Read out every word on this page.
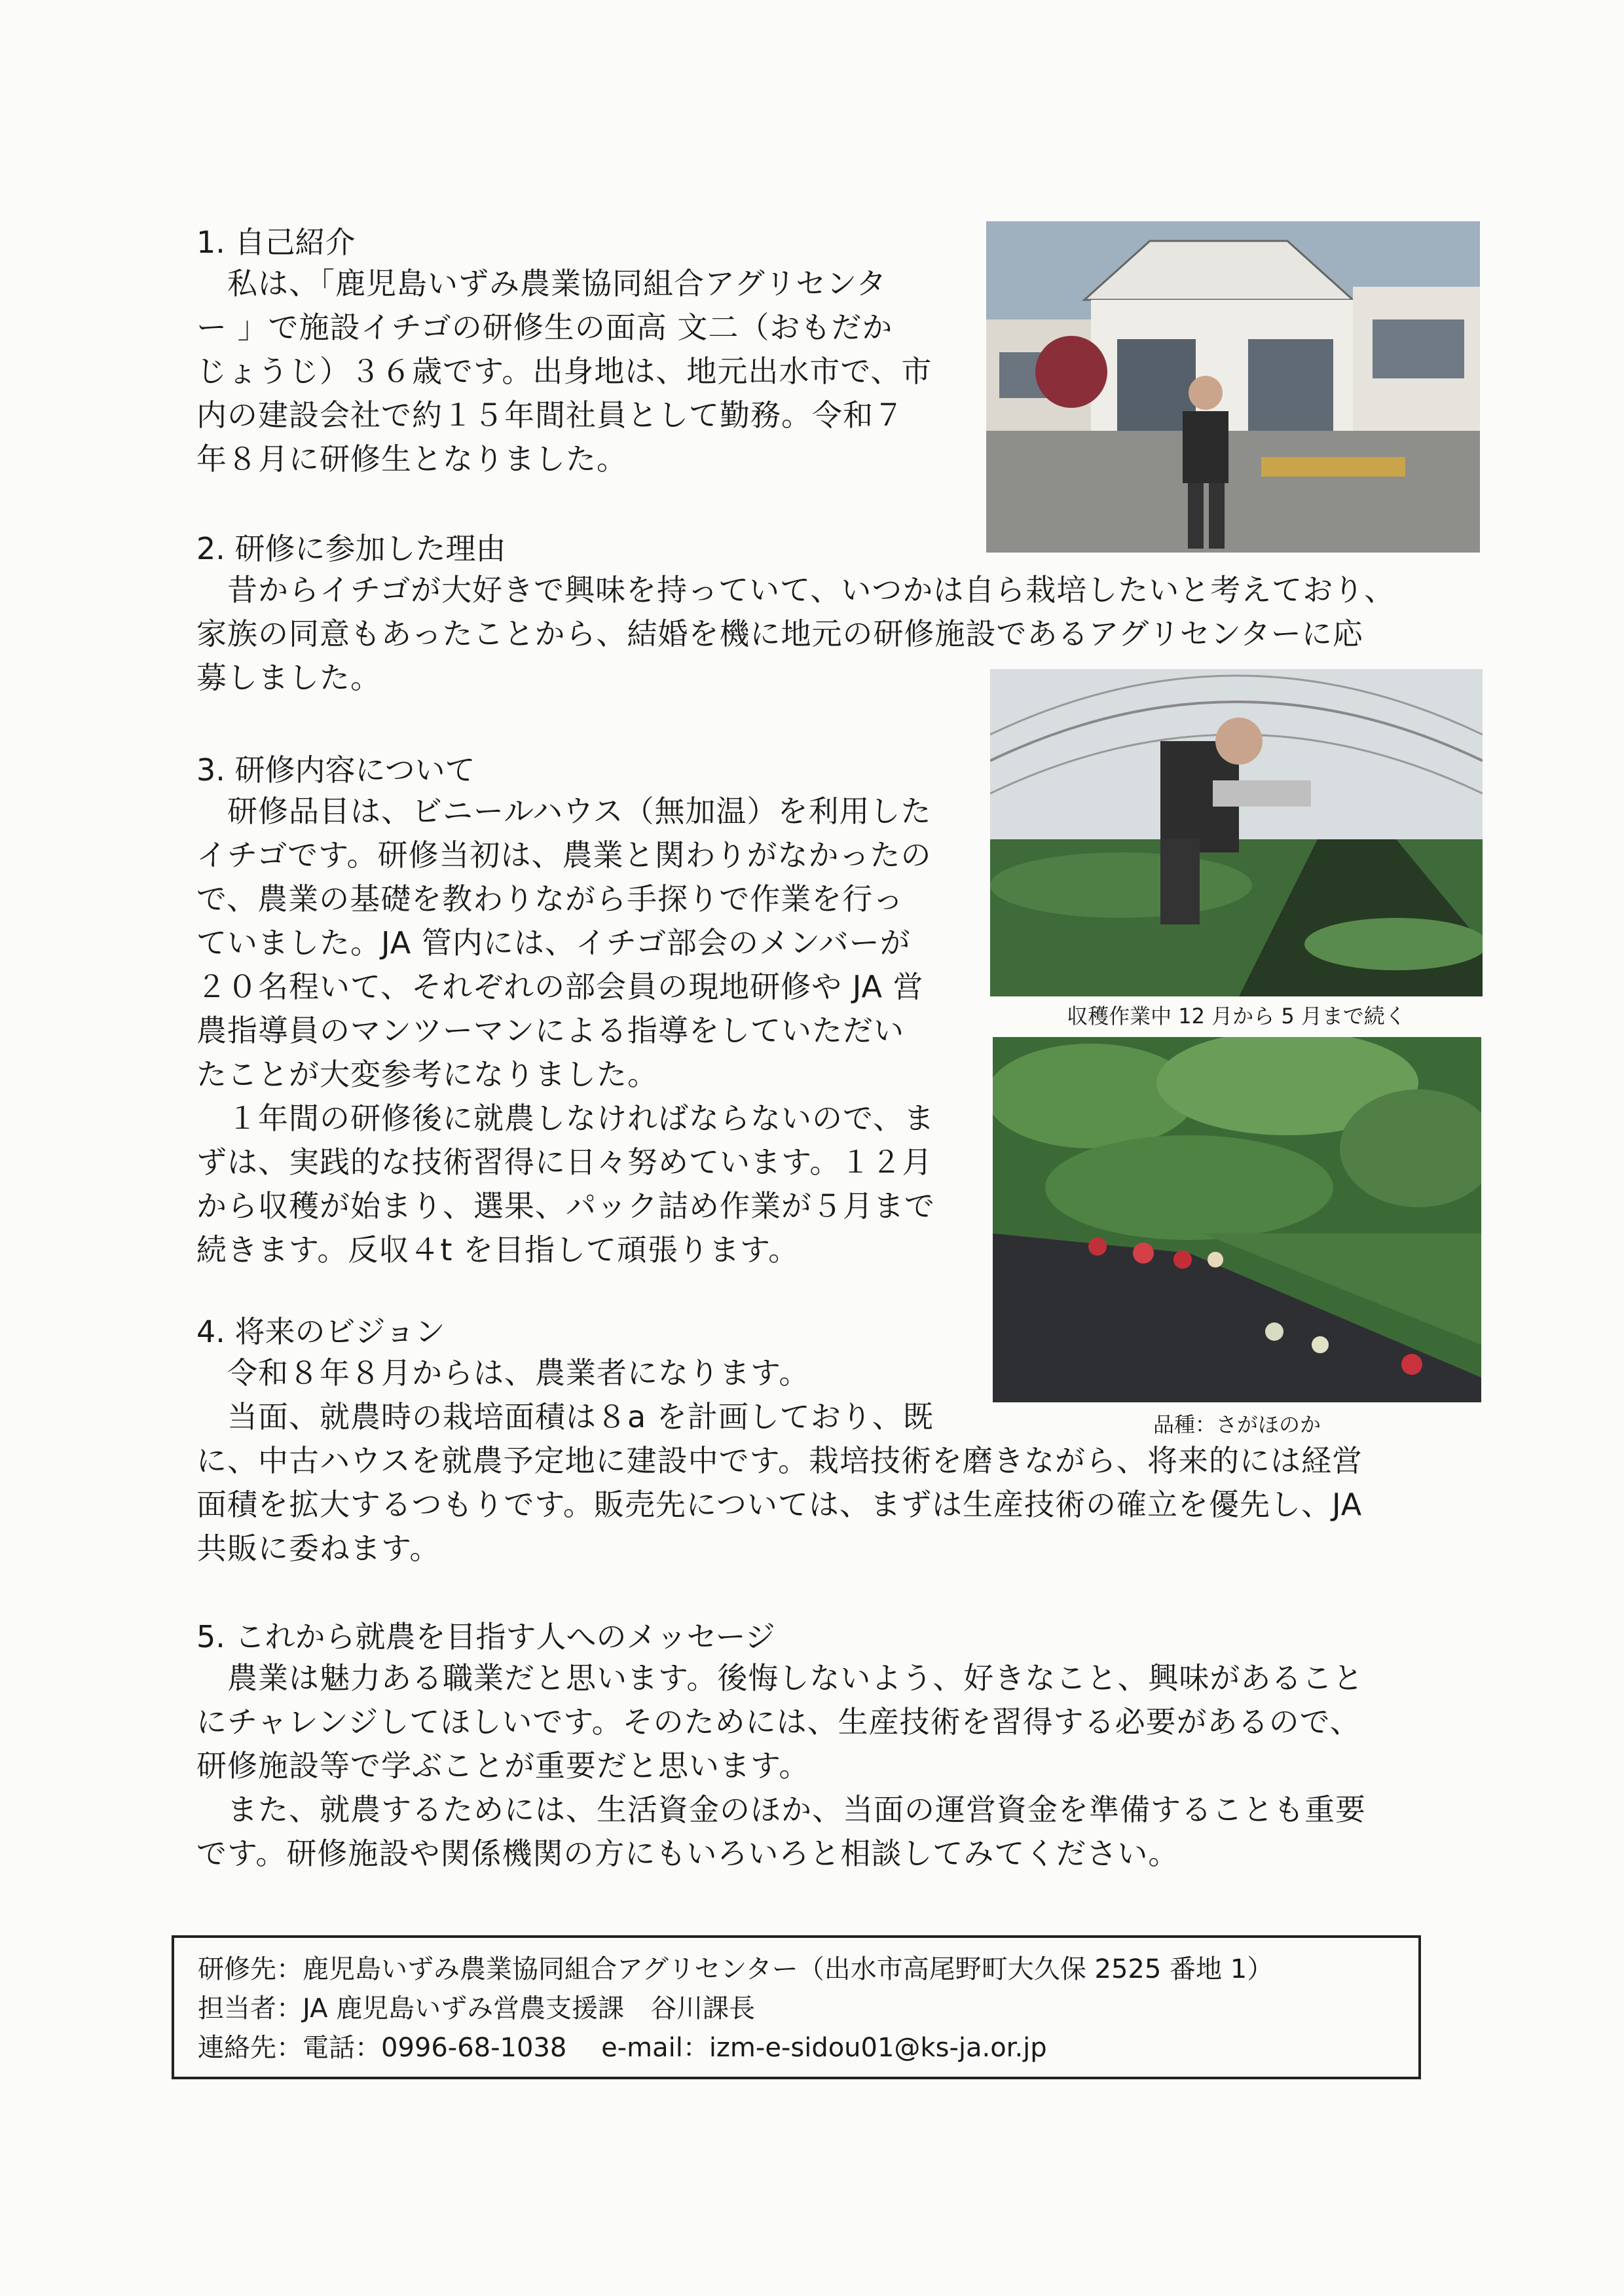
1. 自己紹介

　私は、「鹿児島いずみ農業協同組合アグリセンタ

ー 」で施設イチゴの研修生の面高 文二（おもだか

じょうじ）３６歳です。出身地は、地元出水市で、市

内の建設会社で約１５年間社員として勤務。令和７

年８月に研修生となりました。

2. 研修に参加した理由

　昔からイチゴが大好きで興味を持っていて、いつかは自ら栽培したいと考えており、

家族の同意もあったことから、結婚を機に地元の研修施設であるアグリセンターに応

募しました。

3. 研修内容について

　研修品目は、ビニールハウス（無加温）を利用した

イチゴです。研修当初は、農業と関わりがなかったの

で、農業の基礎を教わりながら手探りで作業を行っ

ていました。JA 管内には、イチゴ部会のメンバーが

２０名程いて、それぞれの部会員の現地研修や JA 営

農指導員のマンツーマンによる指導をしていただい

たことが大変参考になりました。

　１年間の研修後に就農しなければならないので、ま

ずは、実践的な技術習得に日々努めています。１２月

から収穫が始まり、選果、パック詰め作業が５月まで

続きます。反収４t を目指して頑張ります。

収穫作業中 12 月から 5 月まで続く
品種：さがほのか

4. 将来のビジョン

　令和８年８月からは、農業者になります。

　当面、就農時の栽培面積は８a を計画しており、既

に、中古ハウスを就農予定地に建設中です。栽培技術を磨きながら、将来的には経営

面積を拡大するつもりです。販売先については、まずは生産技術の確立を優先し、JA

共販に委ねます。

5. これから就農を目指す人へのメッセージ

　農業は魅力ある職業だと思います。後悔しないよう、好きなこと、興味があること

にチャレンジしてほしいです。そのためには、生産技術を習得する必要があるので、

研修施設等で学ぶことが重要だと思います。

　また、就農するためには、生活資金のほか、当面の運営資金を準備することも重要

です。研修施設や関係機関の方にもいろいろと相談してみてください。

研修先：鹿児島いずみ農業協同組合アグリセンター（出水市高尾野町大久保 2525 番地 1）
担当者：JA 鹿児島いずみ営農支援課　谷川課長
連絡先：電話：0996-68-1038　 e-mail：izm-e-sidou01@ks-ja.or.jp
